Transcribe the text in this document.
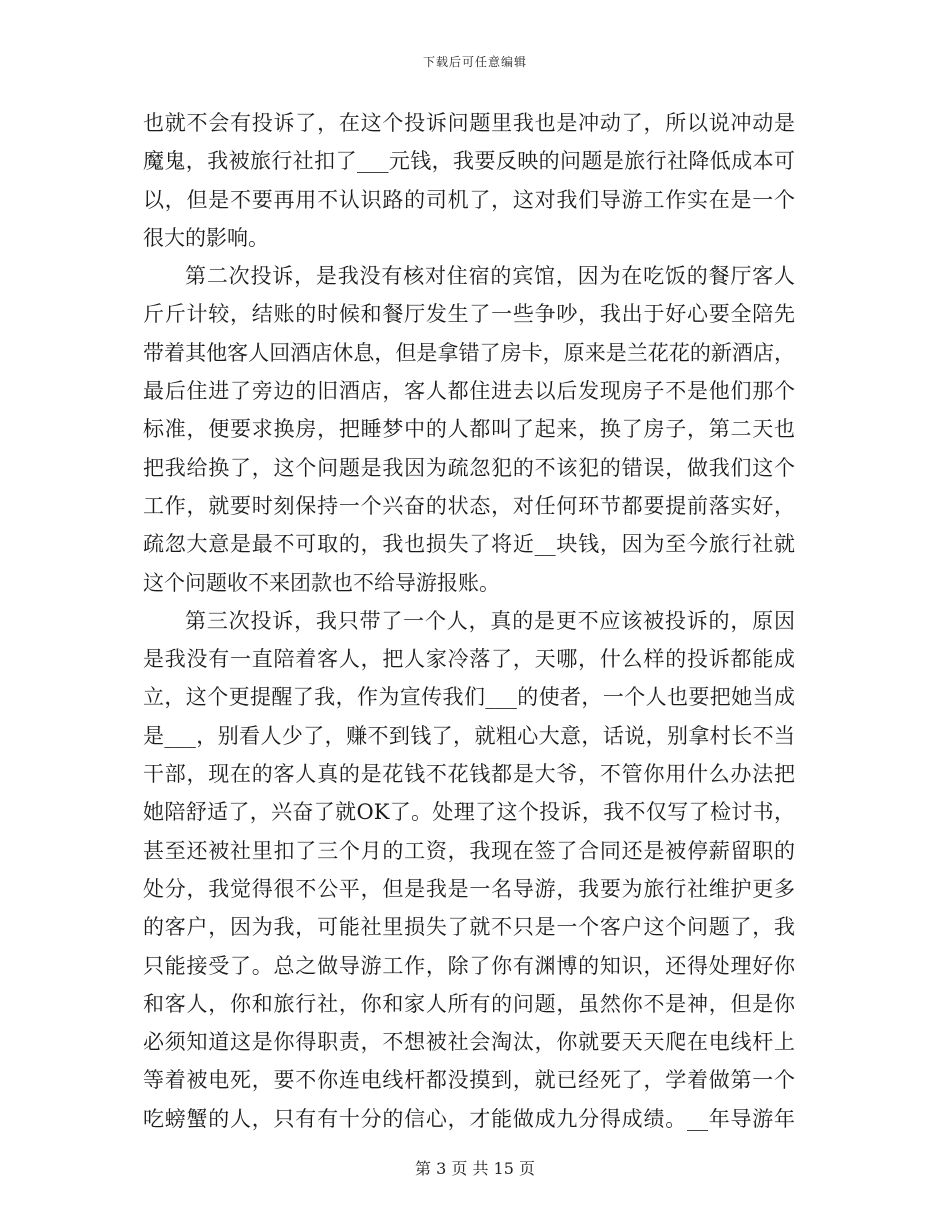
下载后可任意编辑
也就不会有投诉了，在这个投诉问题里我也是冲动了，所以说冲动是
魔鬼，我被旅行社扣了___元钱，我要反映的问题是旅行社降低成本可
以，但是不要再用不认识路的司机了，这对我们导游工作实在是一个
很大的影响。
第二次投诉，是我没有核对住宿的宾馆，因为在吃饭的餐厅客人
斤斤计较，结账的时候和餐厅发生了一些争吵，我出于好心要全陪先
带着其他客人回酒店休息，但是拿错了房卡，原来是兰花花的新酒店，
最后住进了旁边的旧酒店，客人都住进去以后发现房子不是他们那个
标准，便要求换房，把睡梦中的人都叫了起来，换了房子，第二天也
把我给换了，这个问题是我因为疏忽犯的不该犯的错误，做我们这个
工作，就要时刻保持一个兴奋的状态，对任何环节都要提前落实好，
疏忽大意是最不可取的，我也损失了将近__块钱，因为至今旅行社就
这个问题收不来团款也不给导游报账。
第三次投诉，我只带了一个人，真的是更不应该被投诉的，原因
是我没有一直陪着客人，把人家冷落了，天哪，什么样的投诉都能成
立，这个更提醒了我，作为宣传我们___的使者，一个人也要把她当成
是___，别看人少了，赚不到钱了，就粗心大意，话说，别拿村长不当
干部，现在的客人真的是花钱不花钱都是大爷，不管你用什么办法把
她陪舒适了，兴奋了就OK了。处理了这个投诉，我不仅写了检讨书，
甚至还被社里扣了三个月的工资，我现在签了合同还是被停薪留职的
处分，我觉得很不公平，但是我是一名导游，我要为旅行社维护更多
的客户，因为我，可能社里损失了就不只是一个客户这个问题了，我
只能接受了。总之做导游工作，除了你有渊博的知识，还得处理好你
和客人，你和旅行社，你和家人所有的问题，虽然你不是神，但是你
必须知道这是你得职责，不想被社会淘汰，你就要天天爬在电线杆上
等着被电死，要不你连电线杆都没摸到，就已经死了，学着做第一个
吃螃蟹的人，只有有十分的信心，才能做成九分得成绩。__年导游年
第 3 页 共 15 页
